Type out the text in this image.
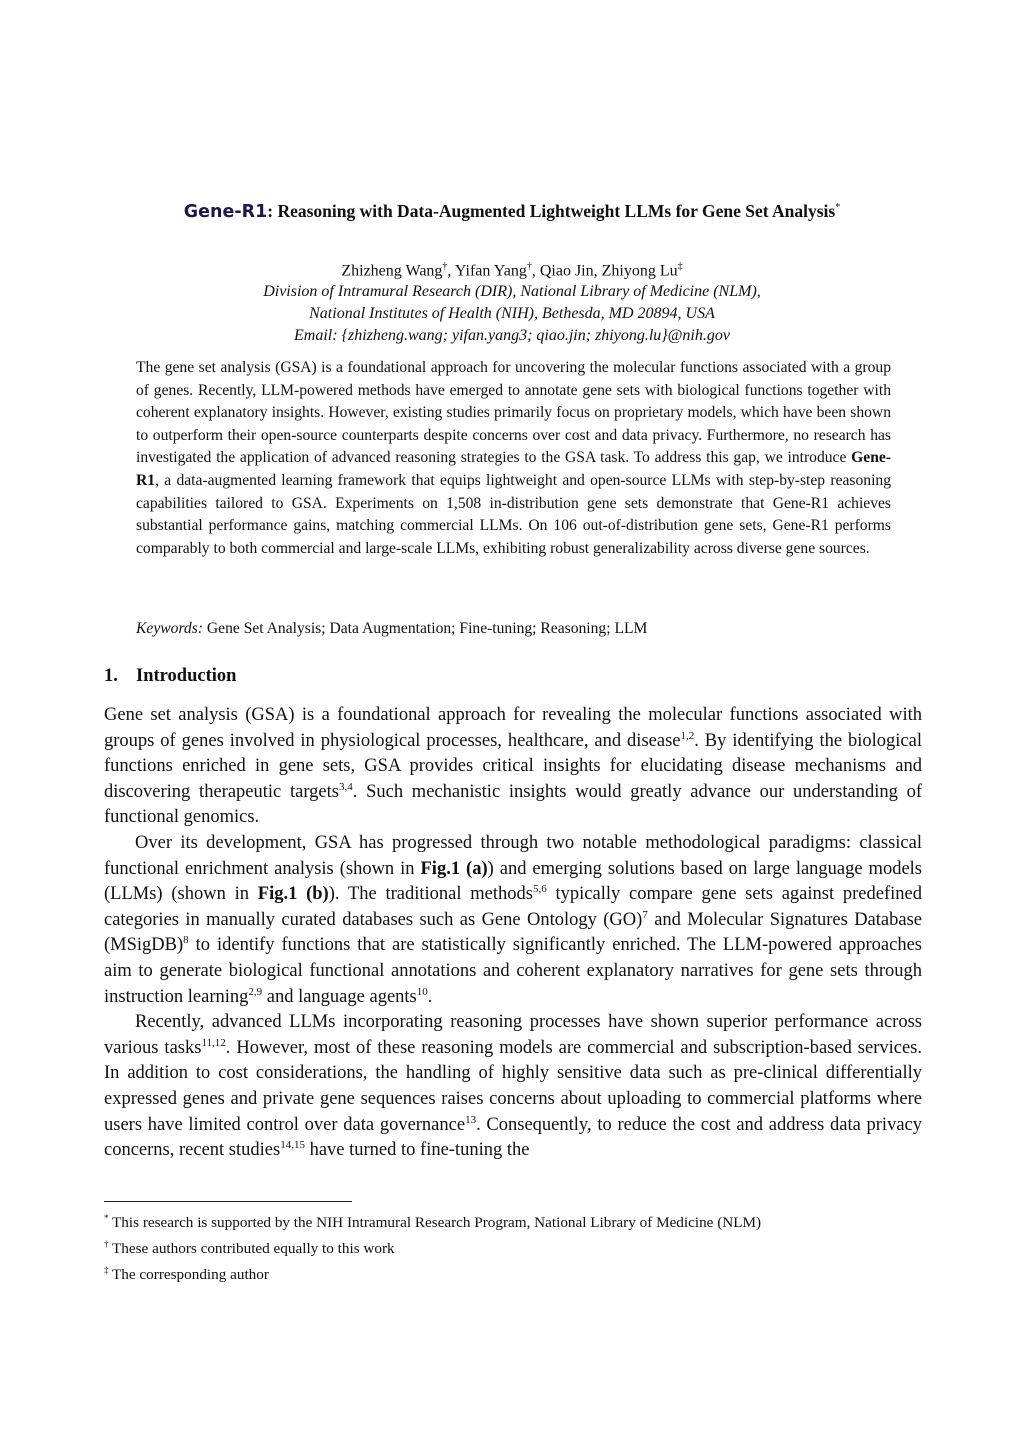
Gene-R1: Reasoning with Data-Augmented Lightweight LLMs for Gene Set Analysis*
Zhizheng Wang†, Yifan Yang†, Qiao Jin, Zhiyong Lu‡
Division of Intramural Research (DIR), National Library of Medicine (NLM),
National Institutes of Health (NIH), Bethesda, MD 20894, USA
Email: {zhizheng.wang; yifan.yang3; qiao.jin; zhiyong.lu}@nih.gov
The gene set analysis (GSA) is a foundational approach for uncovering the molecular functions associated with a group of genes. Recently, LLM-powered methods have emerged to annotate gene sets with biological functions together with coherent explanatory insights. However, existing studies primarily focus on proprietary models, which have been shown to outperform their open-source counterparts despite concerns over cost and data privacy. Furthermore, no research has investigated the application of advanced reasoning strategies to the GSA task. To address this gap, we introduce Gene-R1, a data-augmented learning framework that equips lightweight and open-source LLMs with step-by-step reasoning capabilities tailored to GSA. Experiments on 1,508 in-distribution gene sets demonstrate that Gene-R1 achieves substantial performance gains, matching commercial LLMs. On 106 out-of-distribution gene sets, Gene-R1 performs comparably to both commercial and large-scale LLMs, exhibiting robust generalizability across diverse gene sources.
Keywords: Gene Set Analysis; Data Augmentation; Fine-tuning; Reasoning; LLM
1. Introduction

Gene set analysis (GSA) is a foundational approach for revealing the molecular functions associated with groups of genes involved in physiological processes, healthcare, and disease$^{1,2}$. By identifying the biological functions enriched in gene sets, GSA provides critical insights for elucidating disease mechanisms and discovering therapeutic targets$^{3,4}$. Such mechanistic insights would greatly advance our understanding of functional genomics.

Over its development, GSA has progressed through two notable methodological paradigms: classical functional enrichment analysis (shown in Fig.1 (a)) and emerging solutions based on large language models (LLMs) (shown in Fig.1 (b)). The traditional methods$^{5,6}$ typically compare gene sets against predefined categories in manually curated databases such as Gene Ontology (GO)$^7$ and Molecular Signatures Database (MSigDB)$^8$ to identify functions that are statistically significantly enriched. The LLM-powered approaches aim to generate biological functional annotations and coherent explanatory narratives for gene sets through instruction learning$^{2,9}$ and language agents$^{10}$.

Recently, advanced LLMs incorporating reasoning processes have shown superior performance across various tasks$^{11,12}$. However, most of these reasoning models are commercial and subscription-based services. In addition to cost considerations, the handling of highly sensitive data such as pre-clinical differentially expressed genes and private gene sequences raises concerns about uploading to commercial platforms where users have limited control over data governance$^{13}$. Consequently, to reduce the cost and address data privacy concerns, recent studies$^{14,15}$ have turned to fine-tuning the

* This research is supported by the NIH Intramural Research Program, National Library of Medicine (NLM)
† These authors contributed equally to this work
‡ The corresponding author
